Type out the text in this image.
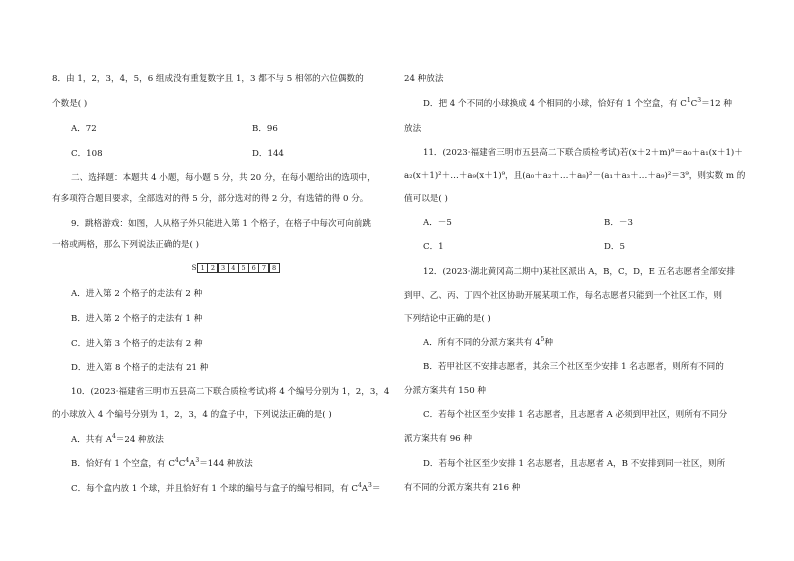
8．由 1，2，3，4，5，6 组成没有重复数字且 1，3 都不与 5 相邻的六位偶数的
个数是( )
A．72	B．96
C．108	D．144
二、选择题：本题共 4 小题，每小题 5 分，共 20 分，在每小题给出的选项中，
有多项符合题目要求，全部选对的得 5 分，部分选对的得 2 分，有选错的得 0 分。
9．跳格游戏：如图，人从格子外只能进入第 1 个格子，在格子中每次可向前跳
一格或两格，那么下列说法正确的是( )
S 1 2 3 4 5 6 7 8
A．进入第 2 个格子的走法有 2 种
B．进入第 2 个格子的走法有 1 种
C．进入第 3 个格子的走法有 2 种
D．进入第 8 个格子的走法有 21 种
10．(2023·福建省三明市五县高二下联合质检考试)将 4 个编号分别为 1，2，3，4
的小球放入 4 个编号分别为 1，2，3，4 的盒子中，下列说法正确的是( )
A．共有 $A^4=24$ 种放法
B．恰好有 1 个空盒，有 $C^4C^4A^3=144$ 种放法
C．每个盒内放 1 个球，并且恰好有 1 个球的编号与盒子的编号相同，有 $C^4A^3=$
24 种放法
D．把 4 个不同的小球换成 4 个相同的小球，恰好有 1 个空盒，有 $C^1C^3=12$ 种
放法
11．(2023·福建省三明市五县高二下联合质检考试)若(x＋2＋m)⁹＝a₀＋a₁(x＋1)＋
a₂(x＋1)²＋…＋a₉(x＋1)⁹，且(a₀＋a₂＋…＋a₈)²－(a₁＋a₃＋…＋a₉)²＝3⁹，则实数 m 的
值可以是( )
A．－5	B．－3
C．1	D．5
12．(2023·湖北黄冈高二期中)某社区派出 A，B，C，D，E 五名志愿者全部安排
到甲、乙、丙、丁四个社区协助开展某项工作，每名志愿者只能到一个社区工作，则
下列结论中正确的是( )
A．所有不同的分派方案共有 $4^5$种
B．若甲社区不安排志愿者，其余三个社区至少安排 1 名志愿者，则所有不同的
分派方案共有 150 种
C．若每个社区至少安排 1 名志愿者，且志愿者 A 必须到甲社区，则所有不同分
派方案共有 96 种
D．若每个社区至少安排 1 名志愿者，且志愿者 A，B 不安排到同一社区，则所
有不同的分派方案共有 216 种
